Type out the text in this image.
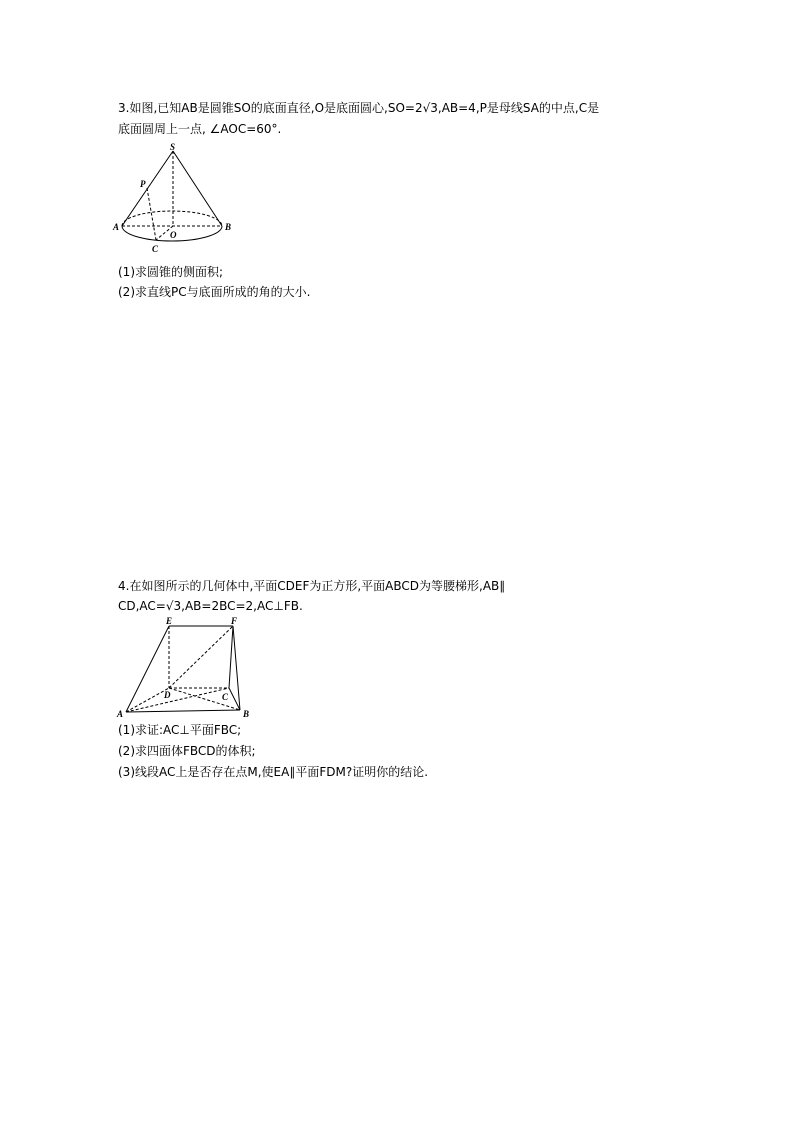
3.如图,已知AB是圆锥SO的底面直径,O是底面圆心,SO=2√3,AB=4,P是母线SA的中点,C是
底面圆周上一点, ∠AOC=60°.
S
P
A	B
O
C
(1)求圆锥的侧面积;
(2)求直线PC与底面所成的角的大小.
4.在如图所示的几何体中,平面CDEF为正方形,平面ABCD为等腰梯形,AB∥
CD,AC=√3,AB=2BC=2,AC⊥FB.
E	F
D	C
A	B
(1)求证:AC⊥平面FBC;
(2)求四面体FBCD的体积;
(3)线段AC上是否存在点M,使EA∥平面FDM?证明你的结论.
